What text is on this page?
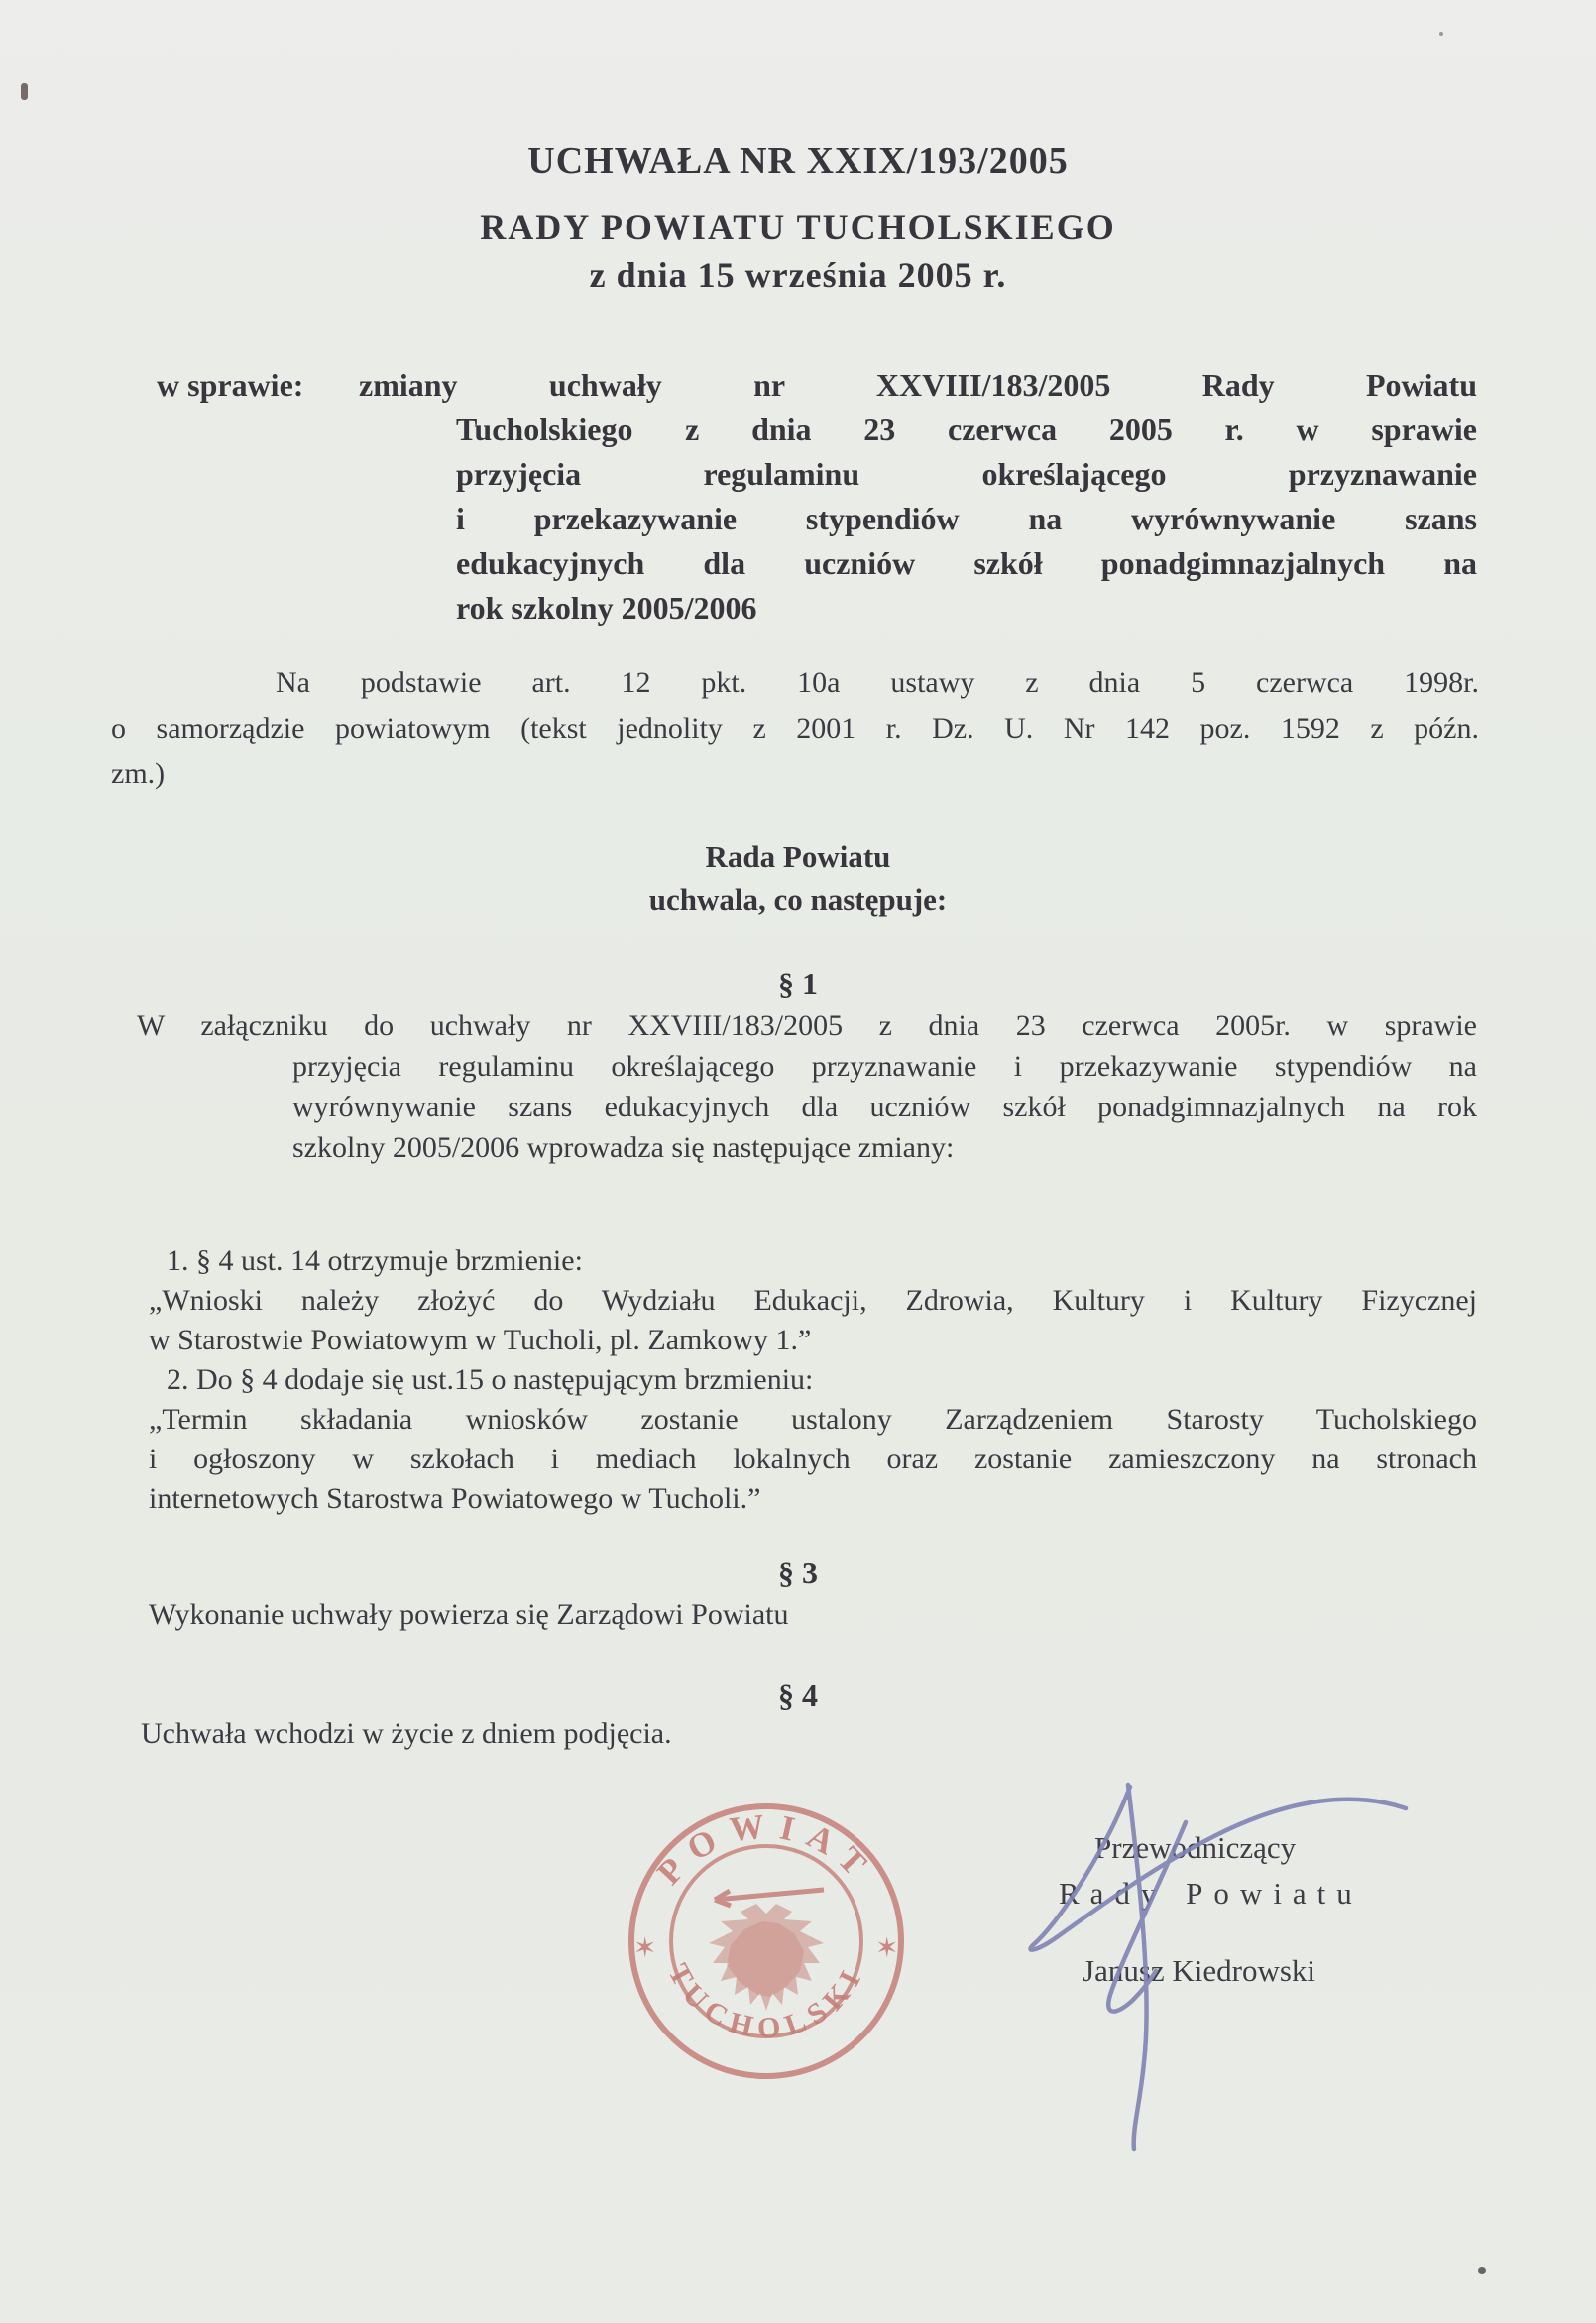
UCHWAŁA NR XXIX/193/2005
RADY POWIATU TUCHOLSKIEGO
z dnia 15 września 2005 r.
w sprawie: zmiany uchwały nr XXVIII/183/2005 Rady Powiatu
Tucholskiego z dnia 23 czerwca 2005 r. w sprawie
przyjęcia regulaminu określającego przyznawanie
i przekazywanie stypendiów na wyrównywanie szans
edukacyjnych dla uczniów szkół ponadgimnazjalnych na
rok szkolny 2005/2006
Na podstawie art. 12 pkt. 10a ustawy z dnia 5 czerwca 1998r.
o samorządzie powiatowym (tekst jednolity z 2001 r. Dz. U. Nr 142 poz. 1592 z późn.
zm.)
Rada Powiatu
uchwala, co następuje:
§ 1
W załączniku do uchwały nr XXVIII/183/2005 z dnia 23 czerwca 2005r. w sprawie
przyjęcia regulaminu określającego przyznawanie i przekazywanie stypendiów na
wyrównywanie szans edukacyjnych dla uczniów szkół ponadgimnazjalnych na rok
szkolny 2005/2006 wprowadza się następujące zmiany:
1. § 4 ust. 14 otrzymuje brzmienie:
„Wnioski należy złożyć do Wydziału Edukacji, Zdrowia, Kultury i Kultury Fizycznej
w Starostwie Powiatowym w Tucholi, pl. Zamkowy 1.”
2. Do § 4 dodaje się ust.15 o następującym brzmieniu:
„Termin składania wniosków zostanie ustalony Zarządzeniem Starosty Tucholskiego
i ogłoszony w szkołach i mediach lokalnych oraz zostanie zamieszczony na stronach
internetowych Starostwa Powiatowego w Tucholi.”
§ 3
Wykonanie uchwały powierza się Zarządowi Powiatu
§ 4
Uchwała wchodzi w życie z dniem podjęcia.
POWIAT
TUCHOLSKI
✶	✶
Przewodniczący
Rady Powiatu
Janusz Kiedrowski
